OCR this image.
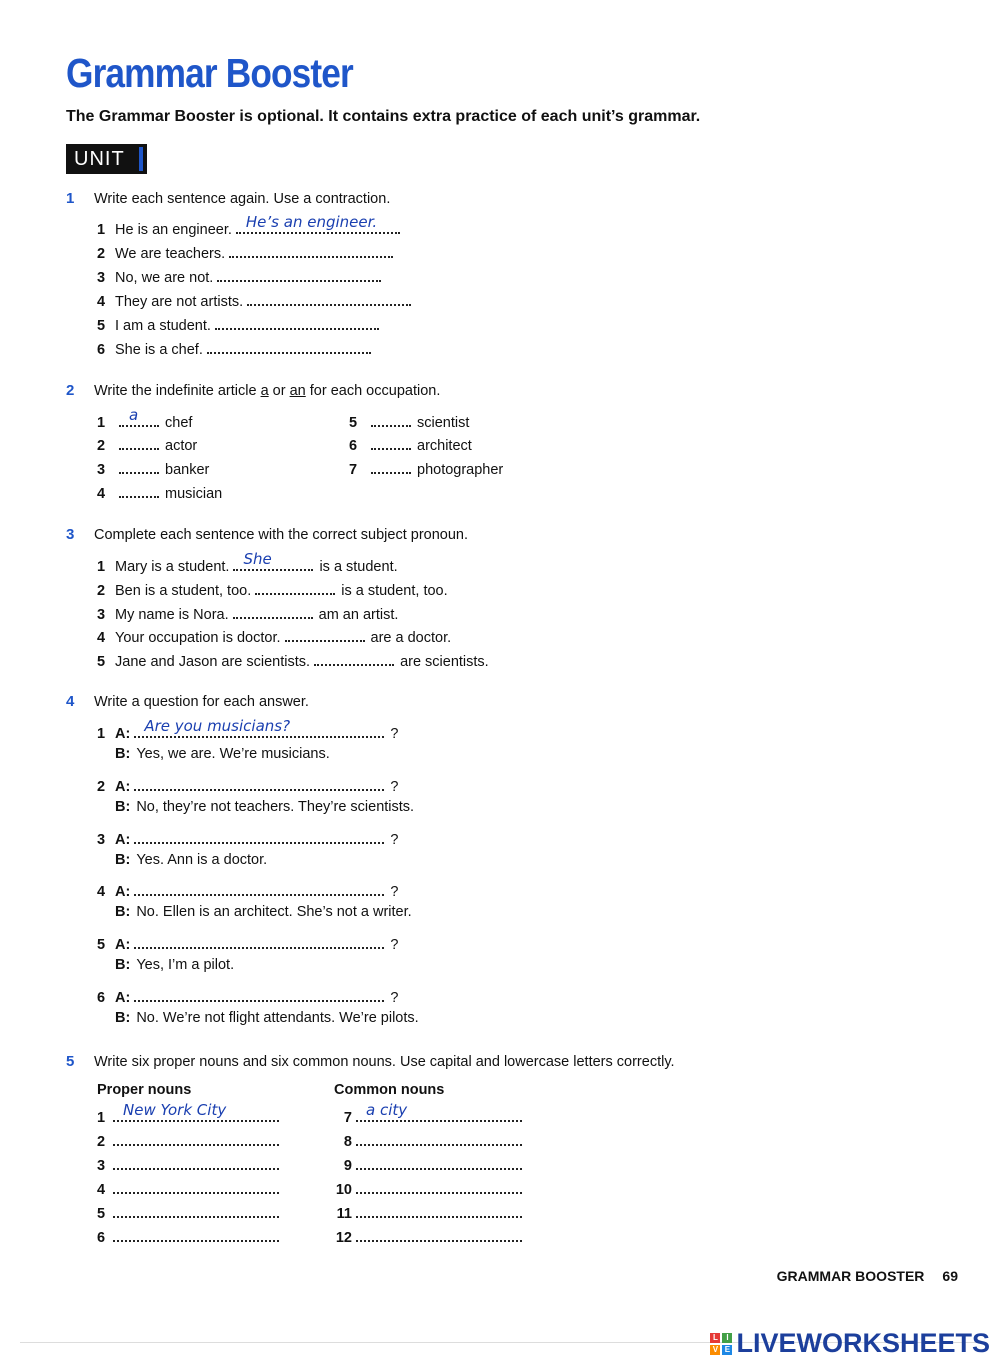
Grammar Booster
The Grammar Booster is optional. It contains extra practice of each unit’s grammar.
UNIT
1 Write each sentence again. Use a contraction.
1 He is an engineer. He’s an engineer.
2 We are teachers.
3 No, we are not.
4 They are not artists.
5 I am a student.
6 She is a chef.
2 Write the indefinite article a or an for each occupation.
1	a chef
2	actor
3	banker
4	musician
5	scientist
6	architect
7	photographer
3 Complete each sentence with the correct subject pronoun.
1 Mary is a student. She	is a student.
2 Ben is a student, too.	is a student, too.
3 My name is Nora.	am an artist.
4 Your occupation is doctor.	are a doctor.
5 Jane and Jason are scientists.	are scientists.
4 Write a question for each answer.
1 A: Are you musicians?	?
B: Yes, we are. We’re musicians.
2 A:	?
B: No, they’re not teachers. They’re scientists.
3 A:	?
B: Yes. Ann is a doctor.
4 A:	?
B: No. Ellen is an architect. She’s not a writer.
5 A:	?
B: Yes, I’m a pilot.
6 A:	?
B: No. We’re not flight attendants. We’re pilots.
5 Write six proper nouns and six common nouns. Use capital and lowercase letters correctly.
Proper nouns	Common nouns
1 New York City
2
3
4
5
6
7 a city
8
9
10
11
12
GRAMMAR BOOSTER 69
L	I
V E LIVEWORKSHEETS
